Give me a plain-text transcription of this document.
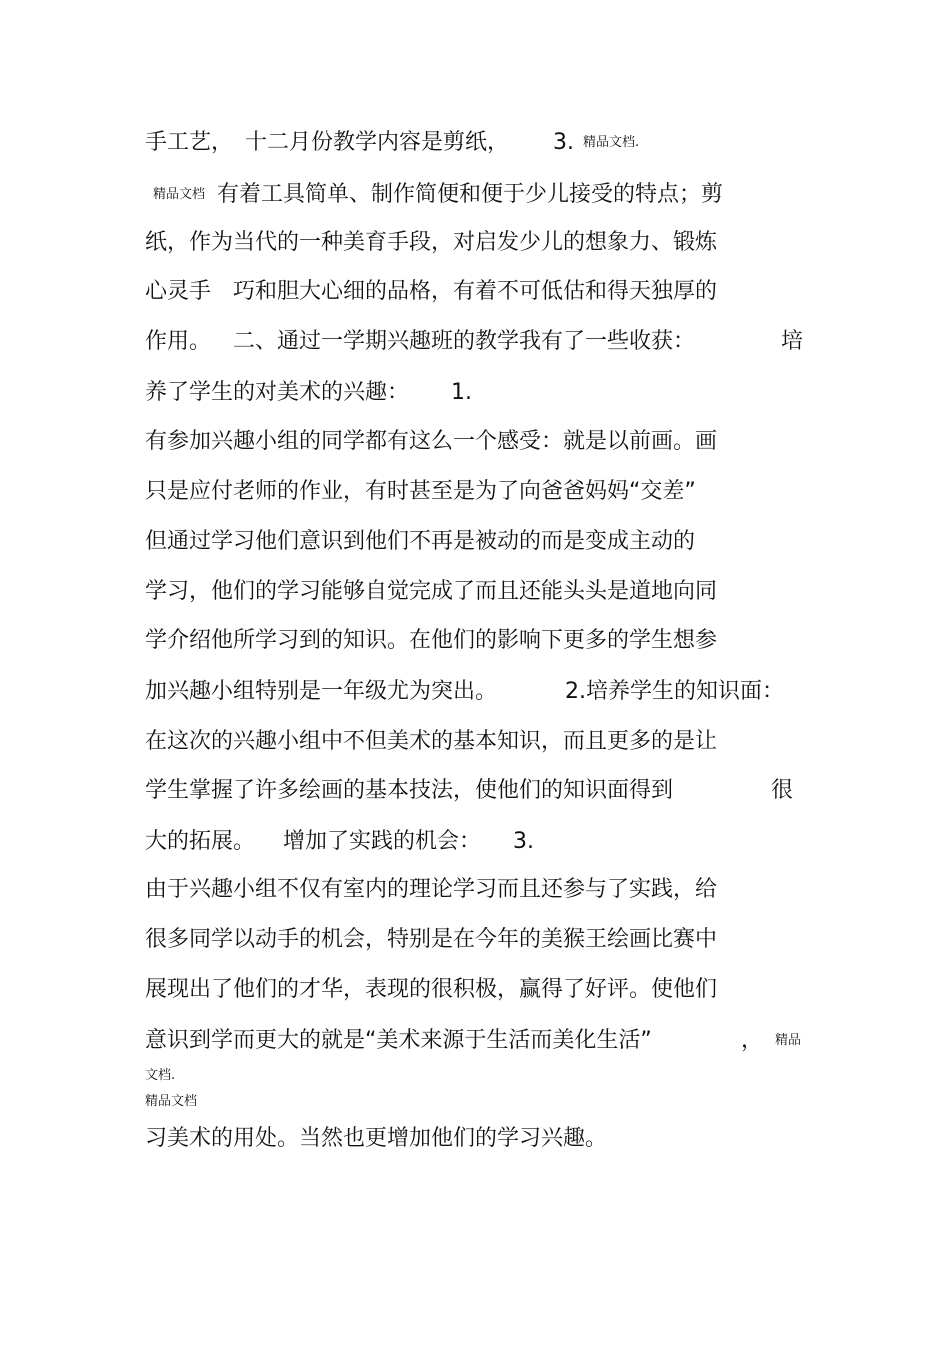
手工艺， 十二月份教学内容是剪纸， 3. 精品文档.
精品文档 有着工具简单、制作简便和便于少儿接受的特点；剪
纸，作为当代的一种美育手段，对启发少儿的想象力、锻炼
心灵手 巧和胆大心细的品格，有着不可低估和得天独厚的
作用。 二、通过一学期兴趣班的教学我有了一些收获：	培
养了学生的对美术的兴趣： 1.
有参加兴趣小组的同学都有这么一个感受：就是以前画。画
只是应付老师的作业，有时甚至是为了向爸爸妈妈“交差”
但通过学习他们意识到他们不再是被动的而是变成主动的
学习，他们的学习能够自觉完成了而且还能头头是道地向同
学介绍他所学习到的知识。在他们的影响下更多的学生想参
加兴趣小组特别是一年级尤为突出。	2.培养学生的知识面：
在这次的兴趣小组中不但美术的基本知识，而且更多的是让
学生掌握了许多绘画的基本技法，使他们的知识面得到	很
大的拓展。 增加了实践的机会： 3.
由于兴趣小组不仅有室内的理论学习而且还参与了实践，给
很多同学以动手的机会，特别是在今年的美猴王绘画比赛中
展现出了他们的才华，表现的很积极，赢得了好评。使他们
意识到学而更大的就是“美术来源于生活而美化生活”	， 精品
文档.
精品文档
习美术的用处。当然也更增加他们的学习兴趣。
